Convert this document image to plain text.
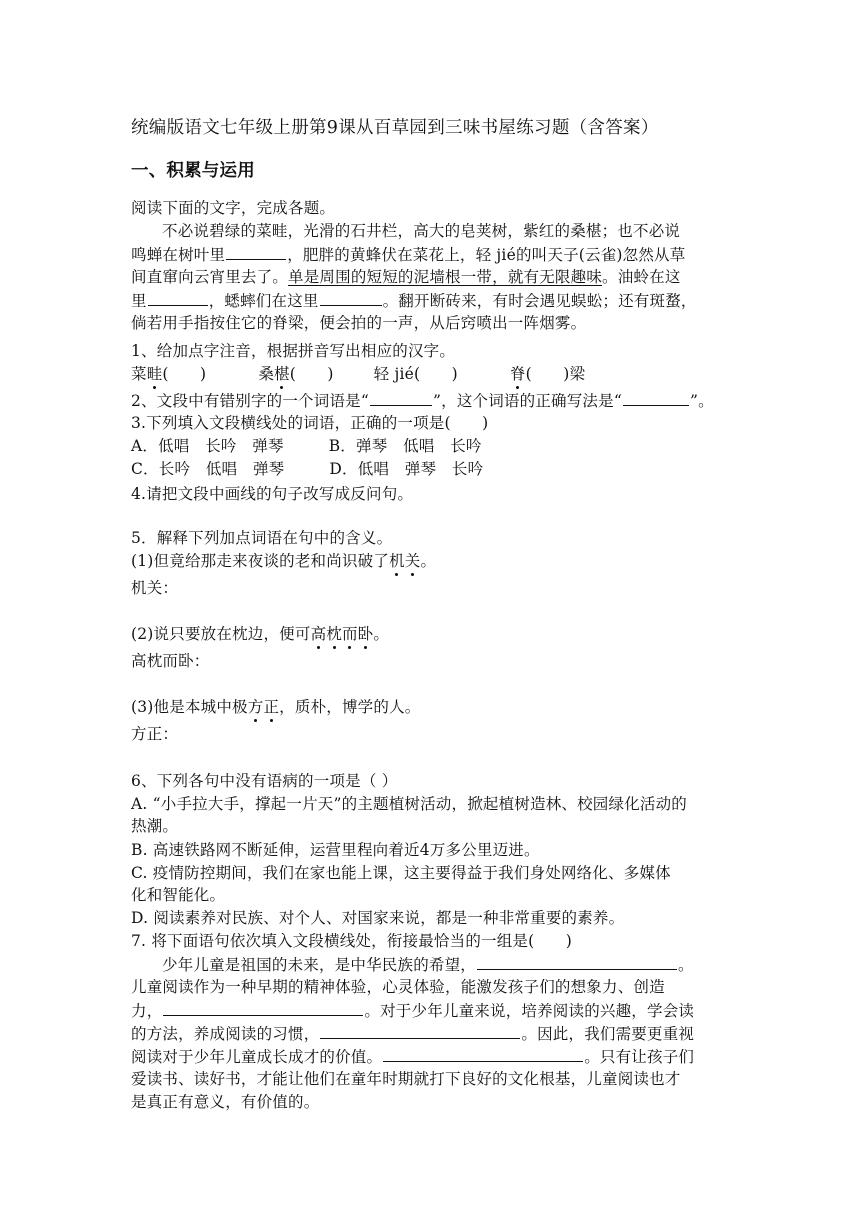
统编版语文七年级上册第9课从百草园到三味书屋练习题（含答案）
一、积累与运用
阅读下面的文字，完成各题。
不必说碧绿的菜畦，光滑的石井栏，高大的皂荚树，紫红的桑椹；也不必说
鸣蝉在树叶里	，肥胖的黄蜂伏在菜花上，轻 jié的叫天子(云雀)忽然从草
间直窜向云宵里去了。单是周围的短短的泥墙根一带，就有无限趣味。油蛉在这
里	，蟋蟀们在这里	。翻开断砖来，有时会遇见蜈蚣；还有斑蝥，
倘若用手指按住它的脊梁，便会拍的一声，从后窍喷出一阵烟雾。
1、给加点字注音，根据拼音写出相应的汉字。
菜畦(　　)	桑椹(　　)	轻 jié(　　)	脊(　　)梁
2、文段中有错别字的一个词语是“	”，这个词语的正确写法是“	”。
3.下列填入文段横线处的词语，正确的一项是(　　)
A．低唱　长吟　弹琴	B．弹琴　低唱　长吟
C．长吟　低唱　弹琴	D．低唱　弹琴　长吟
4.请把文段中画线的句子改写成反问句。
5．解释下列加点词语在句中的含义。
(1)但竟给那走来夜谈的老和尚识破了机关。
机关：
(2)说只要放在枕边，便可高枕而卧。
高枕而卧：
(3)他是本城中极方正，质朴，博学的人。
方正：
6、下列各句中没有语病的一项是（ ）
A. “小手拉大手，撑起一片天”的主题植树活动，掀起植树造林、校园绿化活动的
热潮。
B. 高速铁路网不断延伸，运营里程向着近4万多公里迈进。
C. 疫情防控期间，我们在家也能上课，这主要得益于我们身处网络化、多媒体
化和智能化。
D. 阅读素养对民族、对个人、对国家来说，都是一种非常重要的素养。
7. 将下面语句依次填入文段横线处，衔接最恰当的一组是(　　)
少年儿童是祖国的未来，是中华民族的希望，	。
儿童阅读作为一种早期的精神体验，心灵体验，能激发孩子们的想象力、创造
力，	。对于少年儿童来说，培养阅读的兴趣，学会读
的方法，养成阅读的习惯，	。因此，我们需要更重视
阅读对于少年儿童成长成才的价值。	。只有让孩子们
爱读书、读好书，才能让他们在童年时期就打下良好的文化根基，儿童阅读也才
是真正有意义，有价值的。
